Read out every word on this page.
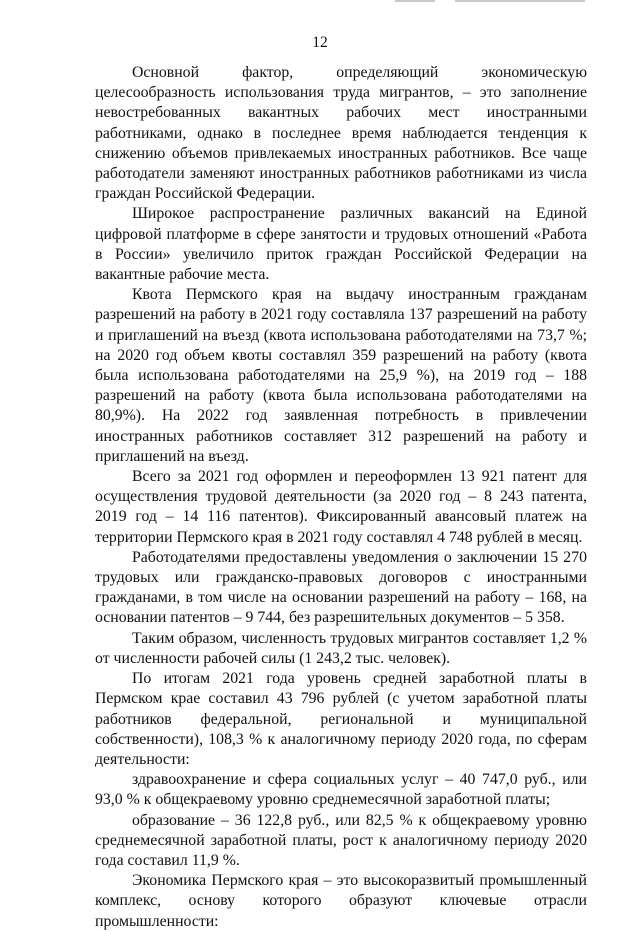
12

Основной фактор, определяющий экономическую целесообразность использования труда мигрантов, – это заполнение невостребованных вакантных рабочих мест иностранными работниками, однако в последнее время наблюдается тенденция к снижению объемов привлекаемых иностранных работников. Все чаще работодатели заменяют иностранных работников работниками из числа граждан Российской Федерации.

Широкое распространение различных вакансий на Единой цифровой платформе в сфере занятости и трудовых отношений «Работа в России» увеличило приток граждан Российской Федерации на вакантные рабочие места.

Квота Пермского края на выдачу иностранным гражданам разрешений на работу в 2021 году составляла 137 разрешений на работу и приглашений на въезд (квота использована работодателями на 73,7 %; на 2020 год объем квоты составлял 359 разрешений на работу (квота была использована работодателями на 25,9 %), на 2019 год – 188 разрешений на работу (квота была использована работодателями на 80,9%). На 2022 год заявленная потребность в привлечении иностранных работников составляет 312 разрешений на работу и приглашений на въезд.

Всего за 2021 год оформлен и переоформлен 13 921 патент для осуществления трудовой деятельности (за 2020 год – 8 243 патента, 2019 год – 14 116 патентов). Фиксированный авансовый платеж на территории Пермского края в 2021 году составлял 4 748 рублей в месяц.

Работодателями предоставлены уведомления о заключении 15 270 трудовых или гражданско-правовых договоров с иностранными гражданами, в том числе на основании разрешений на работу – 168, на основании патентов – 9 744, без разрешительных документов – 5 358.

Таким образом, численность трудовых мигрантов составляет 1,2 % от численности рабочей силы (1 243,2 тыс. человек).

По итогам 2021 года уровень средней заработной платы в Пермском крае составил 43 796 рублей (с учетом заработной платы работников федеральной, региональной и муниципальной собственности), 108,3 % к аналогичному периоду 2020 года, по сферам деятельности:

здравоохранение и сфера социальных услуг – 40 747,0 руб., или 93,0 % к общекраевому уровню среднемесячной заработной платы;

образование – 36 122,8 руб., или 82,5 % к общекраевому уровню среднемесячной заработной платы, рост к аналогичному периоду 2020 года составил 11,9 %.

Экономика Пермского края – это высокоразвитый промышленный комплекс, основу которого образуют ключевые отрасли промышленности:
